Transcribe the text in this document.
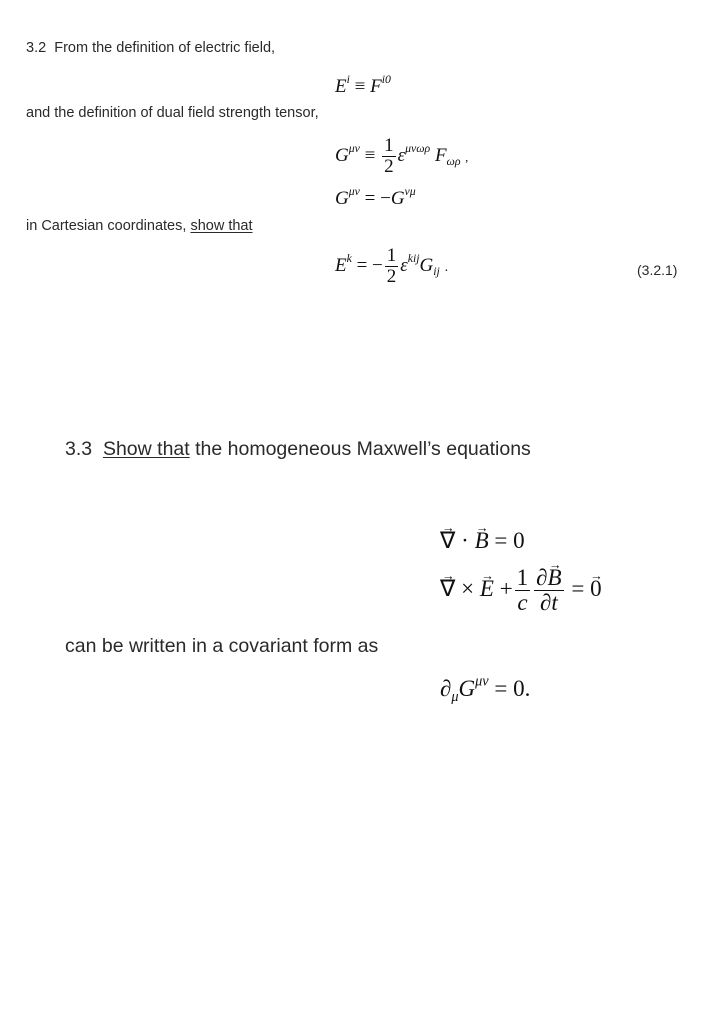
3.2 From the definition of electric field,
$E^i \equiv F^{i0}$
and the definition of dual field strength tensor,
$G^{\mu\nu} \equiv \frac{1}{2} \varepsilon^{\mu\nu\omega\rho}$ $F_{\omega\rho}$ ,
$G^{\mu\nu} = -G^{\nu\mu}$
in Cartesian coordinates, show that
$E^k$ = − $\frac{1}{2} \varepsilon^{kij}G_{ij}$ .	(3.2.1)
3.3 Show that the homogeneous Maxwell’s equations
→ ∇ · → B = 0
→ ∇ × → $E + \frac{1}{c} \frac{\partial\to B}{\partial t}$ = → 0
can be written in a covariant form as
$\partial_\mu G^{\mu\nu} = 0$.
